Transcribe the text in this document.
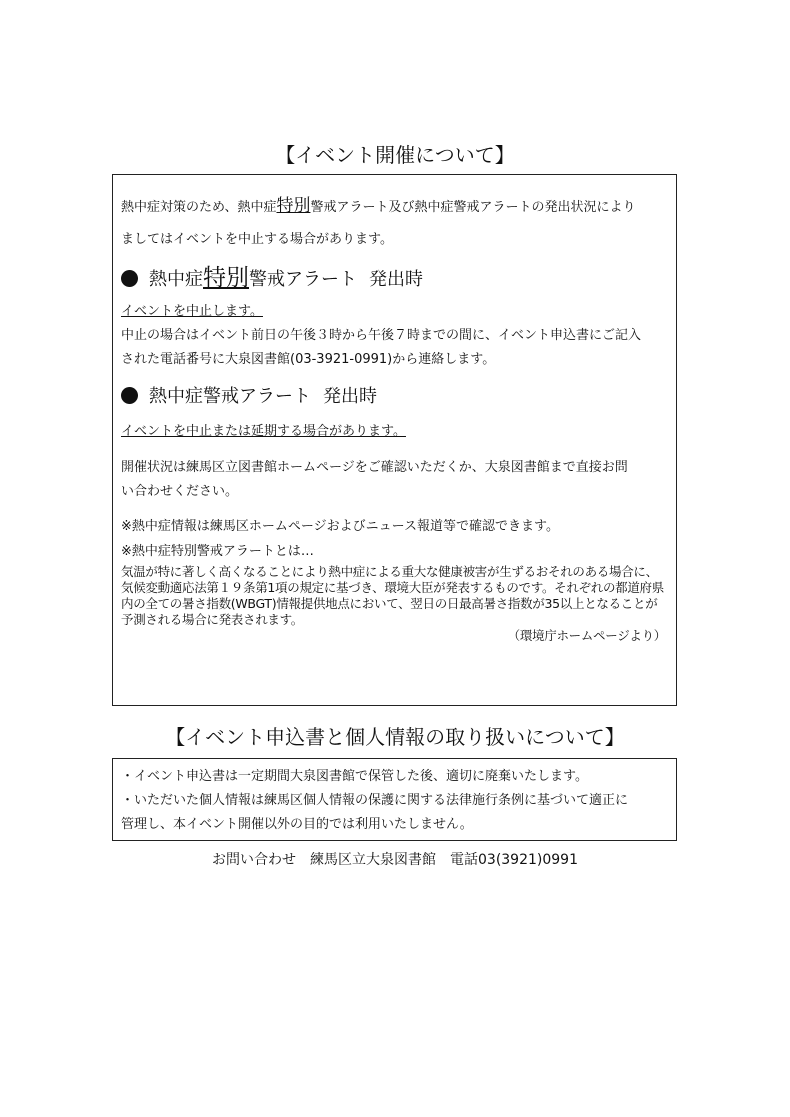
【イベント開催について】
熱中症対策のため、熱中症特別警戒アラート及び熱中症警戒アラートの発出状況により
ましてはイベントを中止する場合があります。
熱中症特別警戒アラート 発出時
イベントを中止します。
中止の場合はイベント前日の午後３時から午後７時までの間に、イベント申込書にご記入
された電話番号に大泉図書館(03-3921-0991)から連絡します。
熱中症警戒アラート 発出時
イベントを中止または延期する場合があります。
開催状況は練馬区立図書館ホームページをご確認いただくか、大泉図書館まで直接お問
い合わせください。
※熱中症情報は練馬区ホームページおよびニュース報道等で確認できます。
※熱中症特別警戒アラートとは…
気温が特に著しく高くなることにより熱中症による重大な健康被害が生ずるおそれのある場合に、気候変動適応法第１９条第1項の規定に基づき、環境大臣が発表するものです。それぞれの都道府県内の全ての暑さ指数(WBGT)情報提供地点において、翌日の日最高暑さ指数が35以上となることが予測される場合に発表されます。
（環境庁ホームページより）
【イベント申込書と個人情報の取り扱いについて】
・イベント申込書は一定期間大泉図書館で保管した後、適切に廃棄いたします。
・いただいた個人情報は練馬区個人情報の保護に関する法律施行条例に基づいて適正に
管理し、本イベント開催以外の目的では利用いたしません。
お問い合わせ　練馬区立大泉図書館　電話03(3921)0991
